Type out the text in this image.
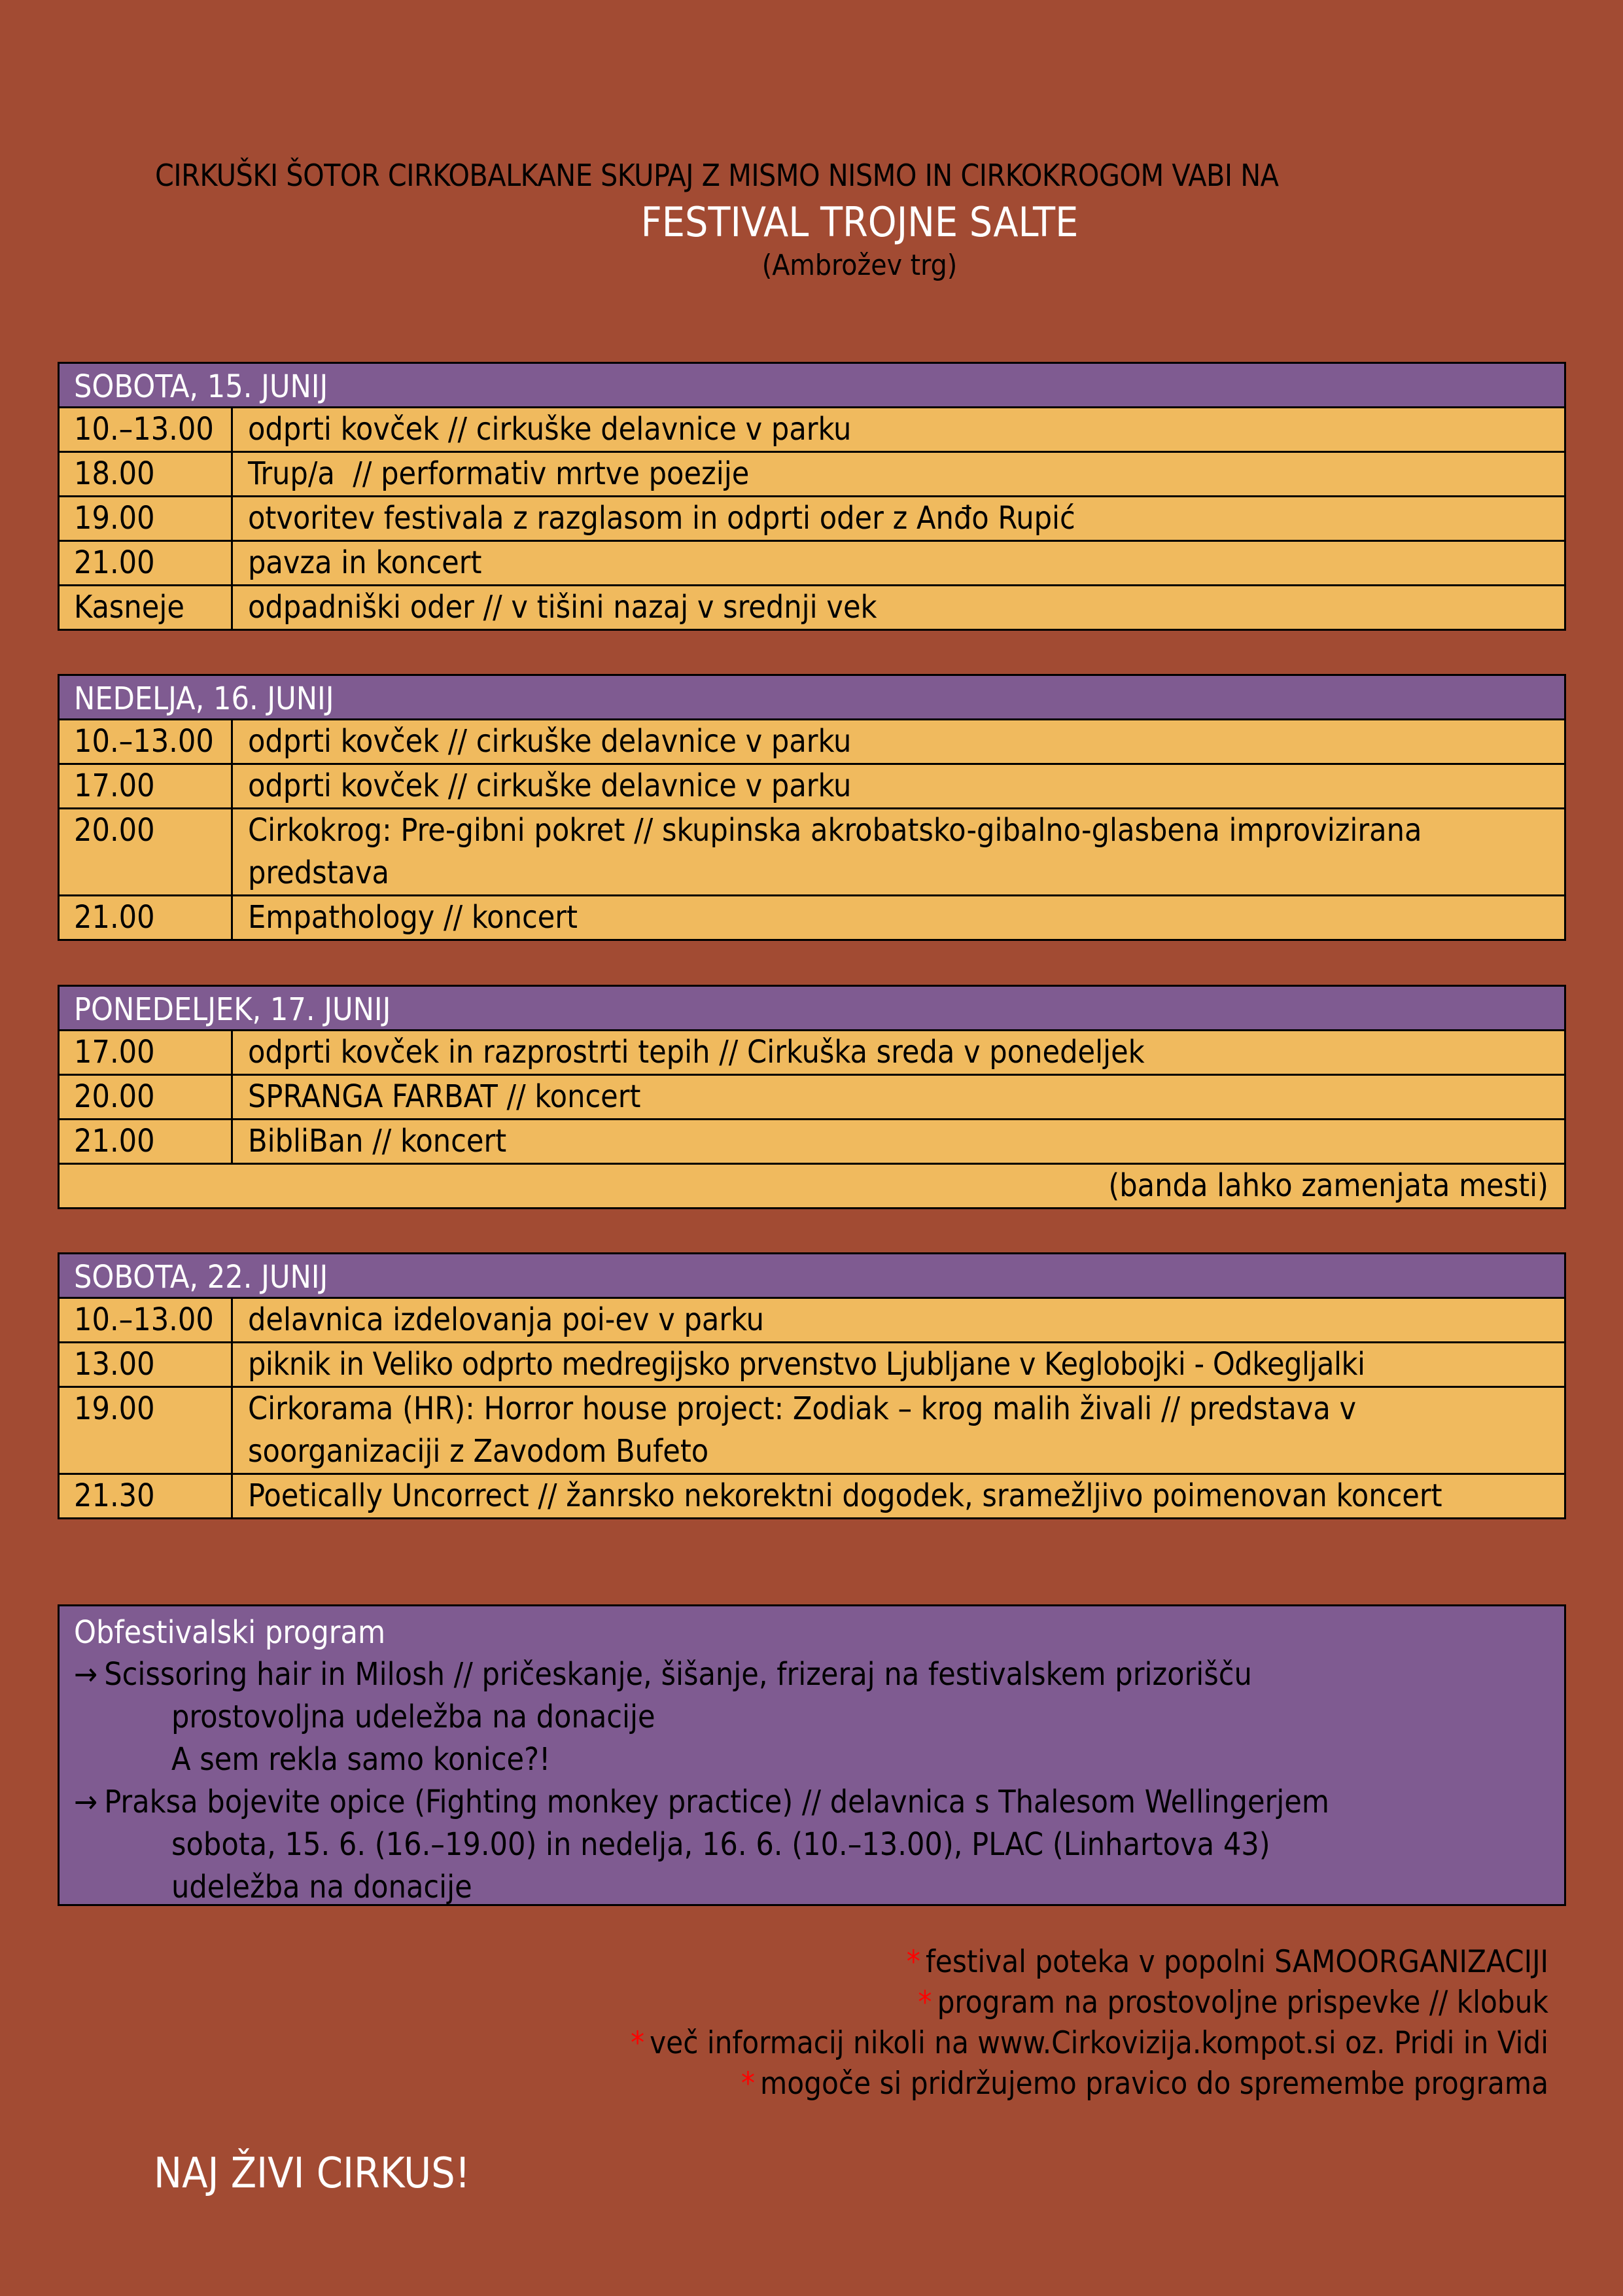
CIRKUŠKI ŠOTOR CIRKOBALKANE SKUPAJ Z MISMO NISMO IN CIRKOKROGOM VABI NA
FESTIVAL TROJNE SALTE
(Ambrožev trg)
SOBOTA, 15. JUNIJ
10.–13.00	odprti kovček // cirkuške delavnice v parku
18.00	Trup/a  // performativ mrtve poezije
19.00	otvoritev festivala z razglasom in odprti oder z Anđo Rupić
21.00	pavza in koncert
Kasneje	odpadniški oder // v tišini nazaj v srednji vek
NEDELJA, 16. JUNIJ
10.–13.00	odprti kovček // cirkuške delavnice v parku
17.00	odprti kovček // cirkuške delavnice v parku
20.00	Cirkokrog: Pre-gibni pokret // skupinska akrobatsko-gibalno-glasbena improvizirana predstava
21.00	Empathology // koncert
PONEDELJEK, 17. JUNIJ
17.00	odprti kovček in razprostrti tepih // Cirkuška sreda v ponedeljek
20.00	SPRANGA FARBAT // koncert
21.00	BibliBan // koncert
(banda lahko zamenjata mesti)
SOBOTA, 22. JUNIJ
10.–13.00	delavnica izdelovanja poi-ev v parku
13.00	piknik in Veliko odprto medregijsko prvenstvo Ljubljane v Keglobojki - Odkegljalki
19.00	Cirkorama (HR): Horror house project: Zodiak – krog malih živali // predstava v soorganizaciji z Zavodom Bufeto
21.30	Poetically Uncorrect // žanrsko nekorektni dogodek, sramežljivo poimenovan koncert
Obfestivalski program
→ Scissoring hair in Milosh // pričeskanje, šišanje, frizeraj na festivalskem prizorišču
prostovoljna udeležba na donacije
A sem rekla samo konice?!
→ Praksa bojevite opice (Fighting monkey practice) // delavnica s Thalesom Wellingerjem
sobota, 15. 6. (16.–19.00) in nedelja, 16. 6. (10.–13.00), PLAC (Linhartova 43)
udeležba na donacije
* festival poteka v popolni SAMOORGANIZACIJI
* program na prostovoljne prispevke // klobuk
* več informacij nikoli na www.Cirkovizija.kompot.si oz. Pridi in Vidi
* mogoče si pridržujemo pravico do spremembe programa
NAJ ŽIVI CIRKUS!
